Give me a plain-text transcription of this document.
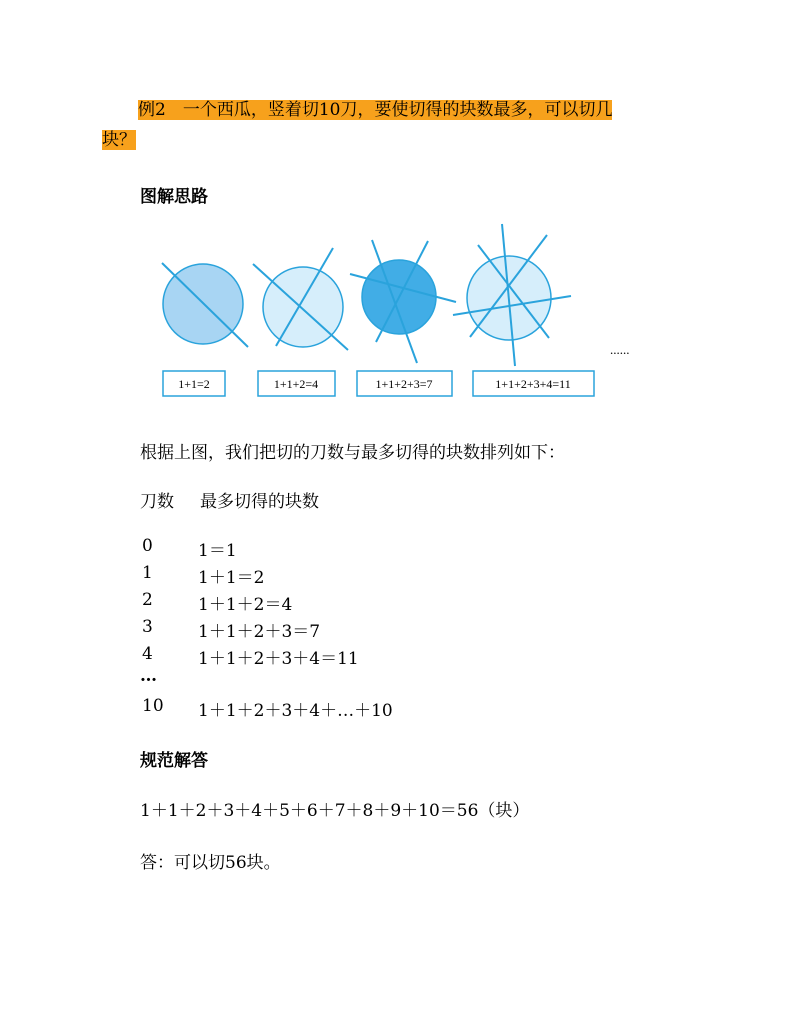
例2　一个西瓜，竖着切10刀，要使切得的块数最多，可以切几
块？
图解思路
1+1=2	1+1+2=4	1+1+2+3=7	1+1+2+3+4=11
......
根据上图，我们把切的刀数与最多切得的块数排列如下：
刀数 最多切得的块数
0	1＝1
1	1＋1＝2
2	1＋1＋2＝4
3	1＋1＋2＋3＝7
4	1＋1＋2＋3＋4＝11
…
10 1＋1＋2＋3＋4＋…＋10
规范解答
1＋1＋2＋3＋4＋5＋6＋7＋8＋9＋10＝56（块）
答：可以切56块。
